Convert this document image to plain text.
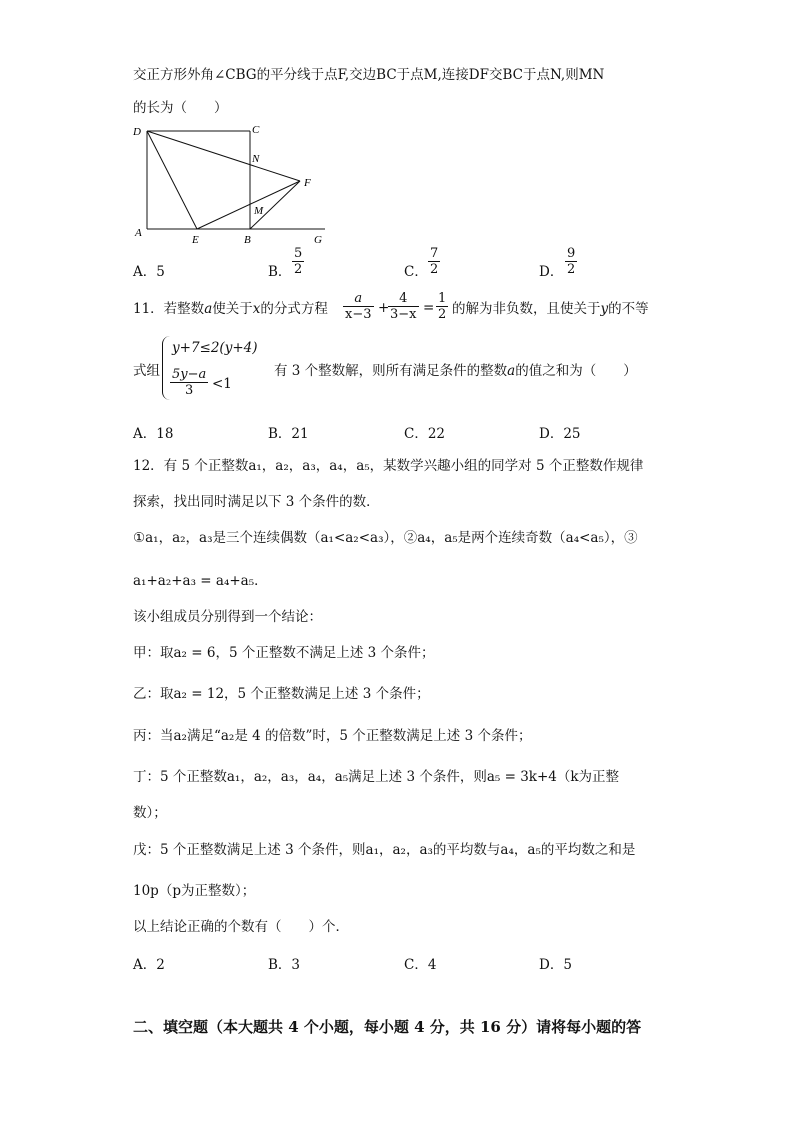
交正方形外角∠CBG的平分线于点F,交边BC于点M,连接DF交BC于点N,则MN
的长为（　　）
D	C
N
F
M
A
E	B	G
A．5	B．
5
2	C．
7
2	D．
9
2
11．若整数a使关于x的分式方程
a
x−3 +
4
3−x =
1
2 的解为非负数，且使关于y的不等
式组
y+7≤2(y+4)
5y−a
3	<1
有 3 个整数解，则所有满足条件的整数a的值之和为（　　）
A．18	B．21	C．22	D．25
12．有 5 个正整数a₁，a₂，a₃，a₄，a₅，某数学兴趣小组的同学对 5 个正整数作规律
探索，找出同时满足以下 3 个条件的数．
①a₁，a₂，a₃是三个连续偶数（a₁<a₂<a₃），②a₄，a₅是两个连续奇数（a₄<a₅），③
a₁+a₂+a₃ = a₄+a₅．
该小组成员分别得到一个结论：
甲：取a₂ = 6，5 个正整数不满足上述 3 个条件；
乙：取a₂ = 12，5 个正整数满足上述 3 个条件；
丙：当a₂满足“a₂是 4 的倍数”时，5 个正整数满足上述 3 个条件；
丁：5 个正整数a₁，a₂，a₃，a₄，a₅满足上述 3 个条件，则a₅ = 3k+4（k为正整
数）；
戊：5 个正整数满足上述 3 个条件，则a₁，a₂，a₃的平均数与a₄，a₅的平均数之和是
10p（p为正整数）；
以上结论正确的个数有（　　）个．
A．2	B．3	C．4	D．5
二、填空题（本大题共 4 个小题，每小题 4 分，共 16 分）请将每小题的答
